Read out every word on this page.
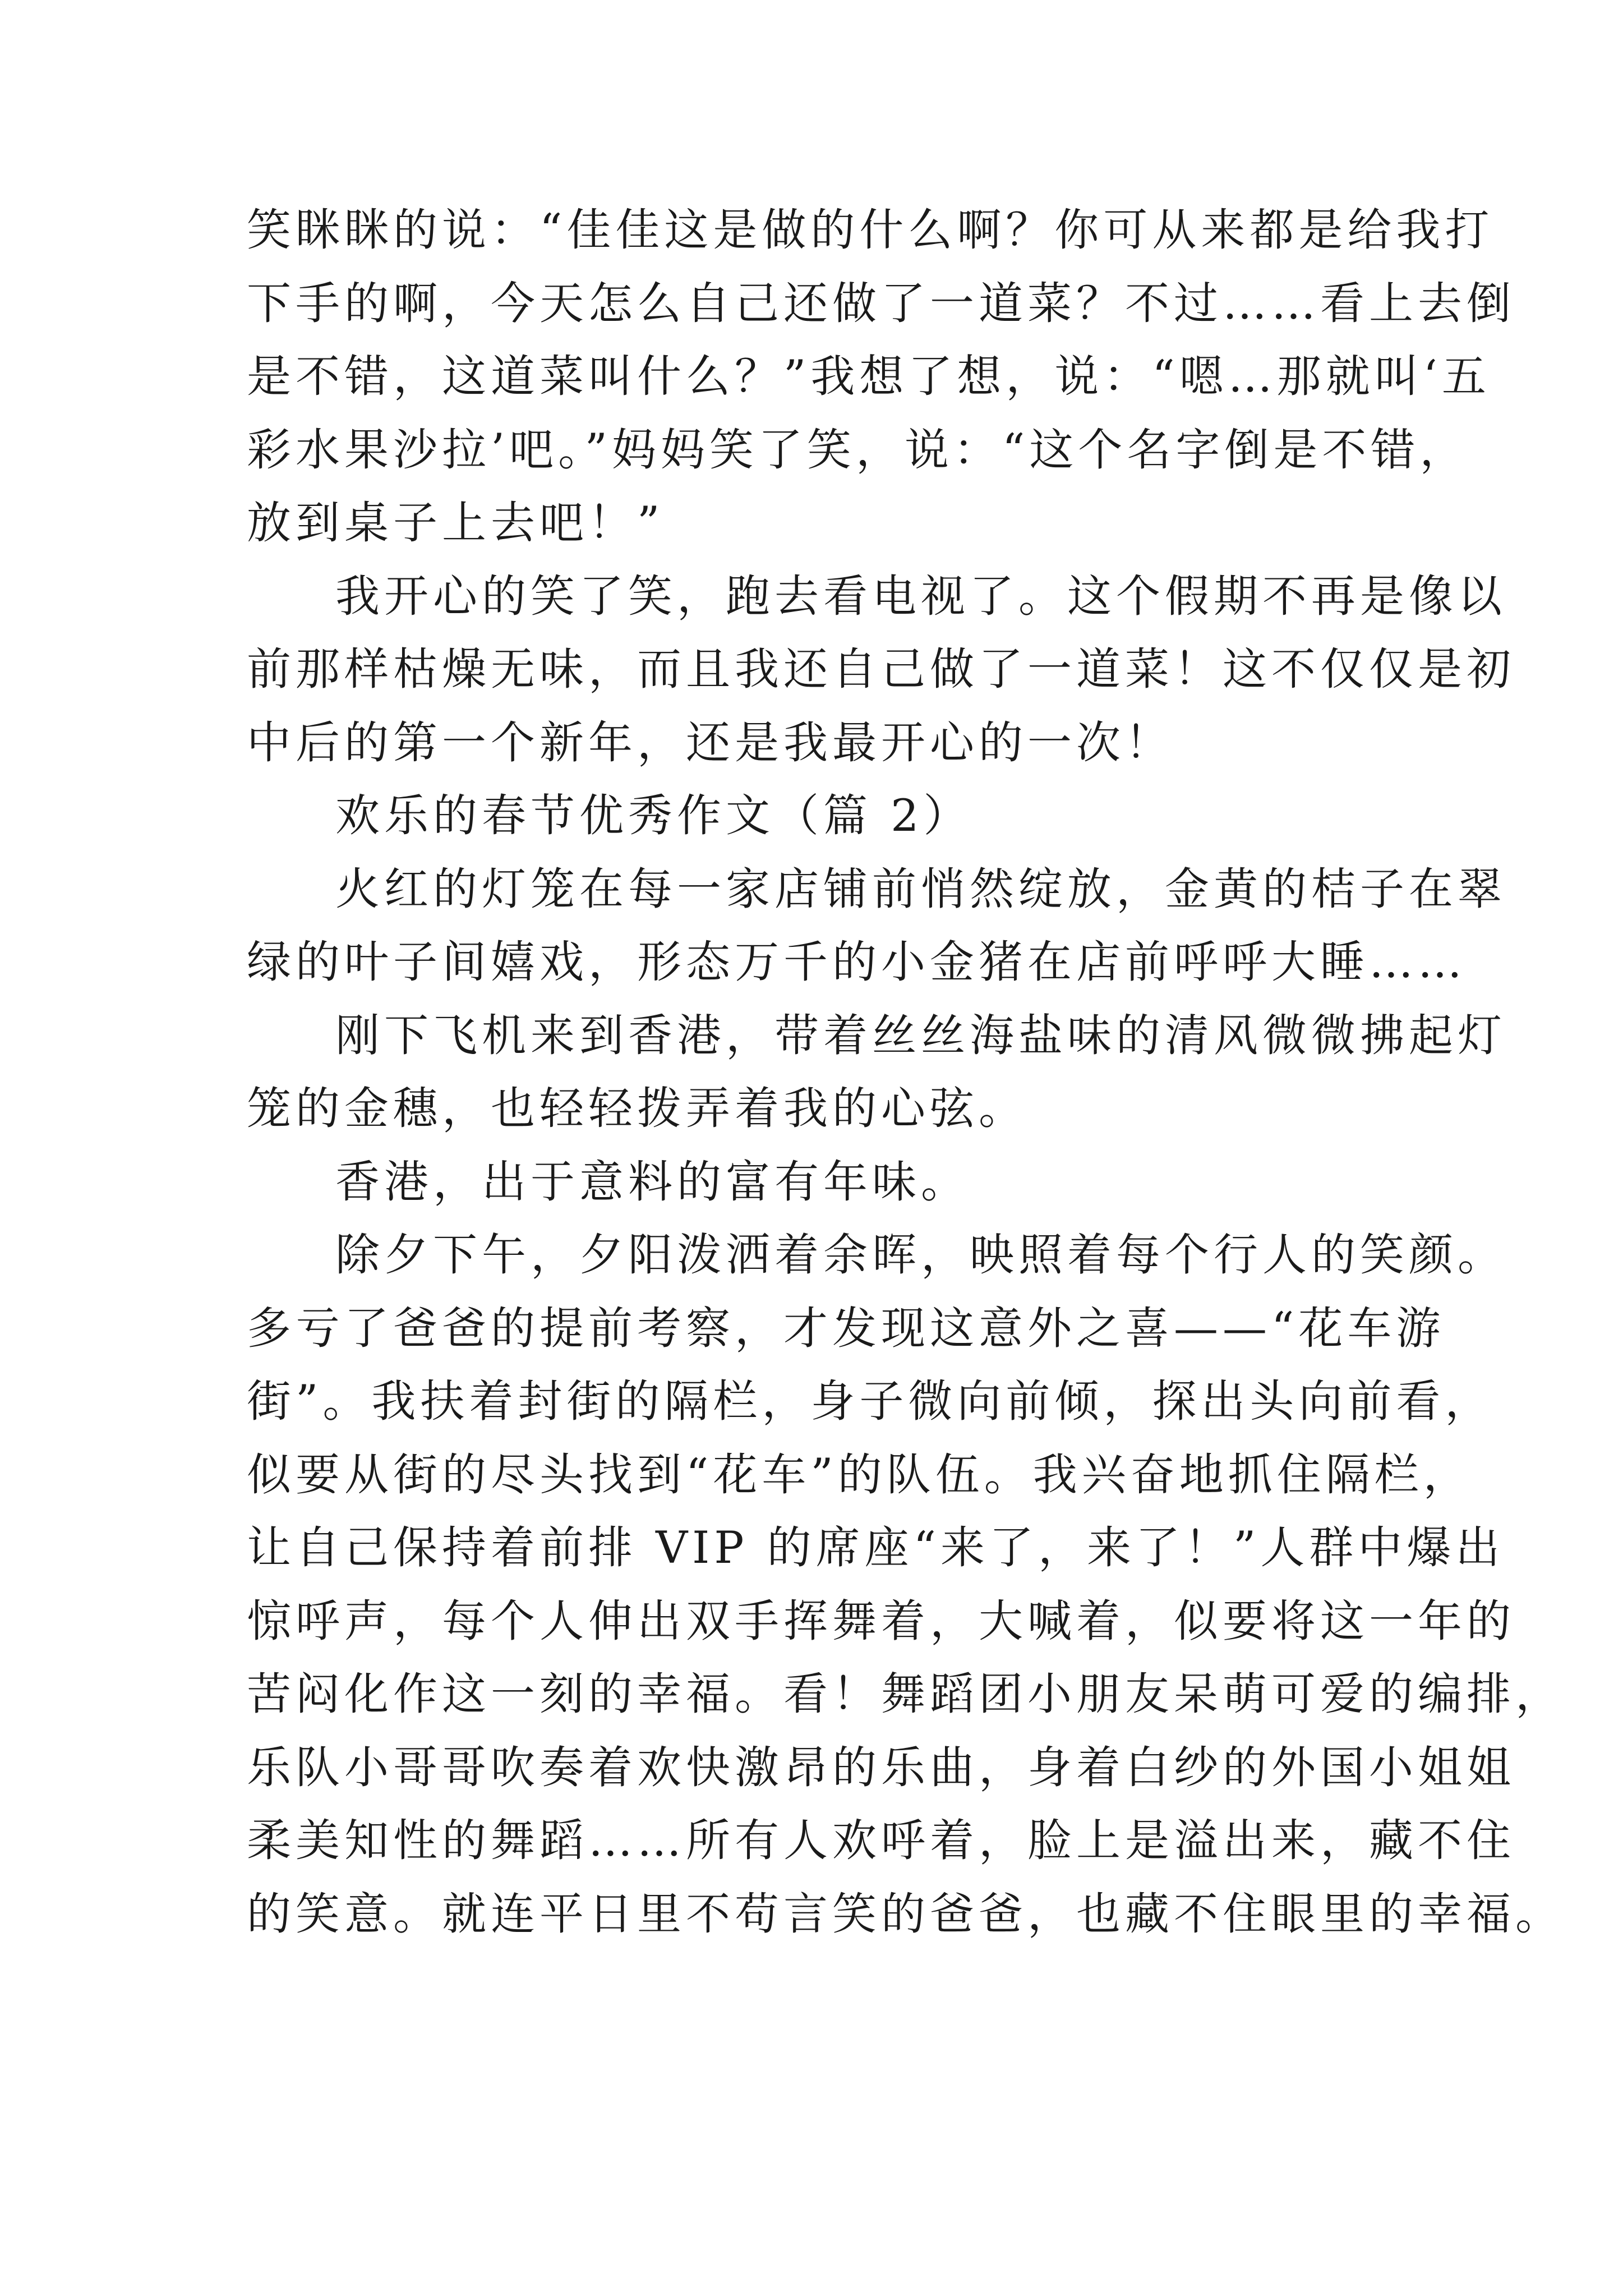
笑眯眯的说：“佳佳这是做的什么啊？你可从来都是给我打
下手的啊，今天怎么自己还做了一道菜？不过……看上去倒
是不错，这道菜叫什么？”我想了想，说：“嗯…那就叫‘五
彩水果沙拉’吧。”妈妈笑了笑，说：“这个名字倒是不错，
放到桌子上去吧！”
我开心的笑了笑，跑去看电视了。这个假期不再是像以
前那样枯燥无味，而且我还自己做了一道菜！这不仅仅是初
中后的第一个新年，还是我最开心的一次！
欢乐的春节优秀作文（篇 2）
火红的灯笼在每一家店铺前悄然绽放，金黄的桔子在翠
绿的叶子间嬉戏，形态万千的小金猪在店前呼呼大睡……
刚下飞机来到香港，带着丝丝海盐味的清风微微拂起灯
笼的金穗，也轻轻拨弄着我的心弦。
香港，出于意料的富有年味。
除夕下午，夕阳泼洒着余晖，映照着每个行人的笑颜。
多亏了爸爸的提前考察，才发现这意外之喜——“花车游
街”。我扶着封街的隔栏，身子微向前倾，探出头向前看，
似要从街的尽头找到“花车”的队伍。我兴奋地抓住隔栏，
让自己保持着前排 VIP 的席座“来了，来了！”人群中爆出
惊呼声，每个人伸出双手挥舞着，大喊着，似要将这一年的
苦闷化作这一刻的幸福。看！舞蹈团小朋友呆萌可爱的编排，
乐队小哥哥吹奏着欢快激昂的乐曲，身着白纱的外国小姐姐
柔美知性的舞蹈……所有人欢呼着，脸上是溢出来，藏不住
的笑意。就连平日里不苟言笑的爸爸，也藏不住眼里的幸福。
